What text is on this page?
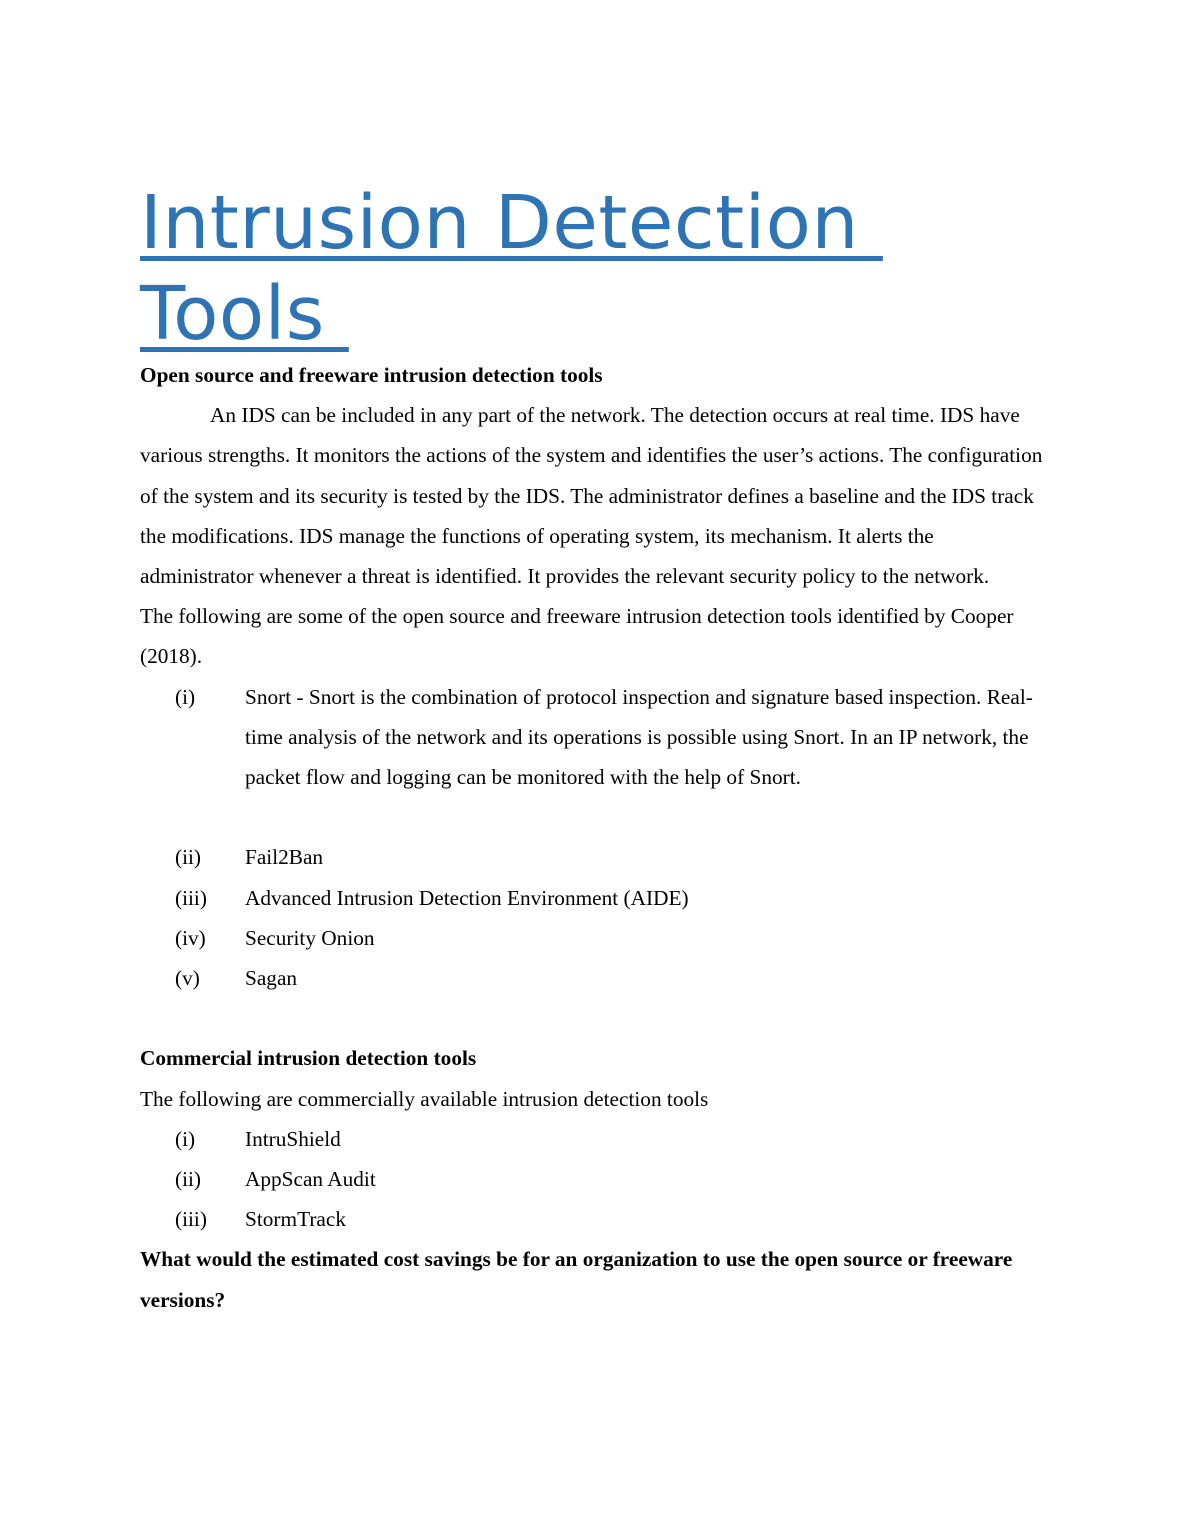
Intrusion Detection
Tools

Open source and freeware intrusion detection tools

An IDS can be included in any part of the network. The detection occurs at real time. IDS have various strengths. It monitors the actions of the system and identifies the user’s actions. The configuration of the system and its security is tested by the IDS. The administrator defines a baseline and the IDS track the modifications. IDS manage the functions of operating system, its mechanism. It alerts the administrator whenever a threat is identified. It provides the relevant security policy to the network.

The following are some of the open source and freeware intrusion detection tools identified by Cooper (2018).

(i) Snort - Snort is the combination of protocol inspection and signature based inspection. Real-time analysis of the network and its operations is possible using Snort. In an IP network, the packet flow and logging can be monitored with the help of Snort.
(ii) Fail2Ban
(iii) Advanced Intrusion Detection Environment (AIDE)
(iv) Security Onion
(v) Sagan

Commercial intrusion detection tools

The following are commercially available intrusion detection tools

(i) IntruShield
(ii) AppScan Audit
(iii) StormTrack

What would the estimated cost savings be for an organization to use the open source or freeware versions?
